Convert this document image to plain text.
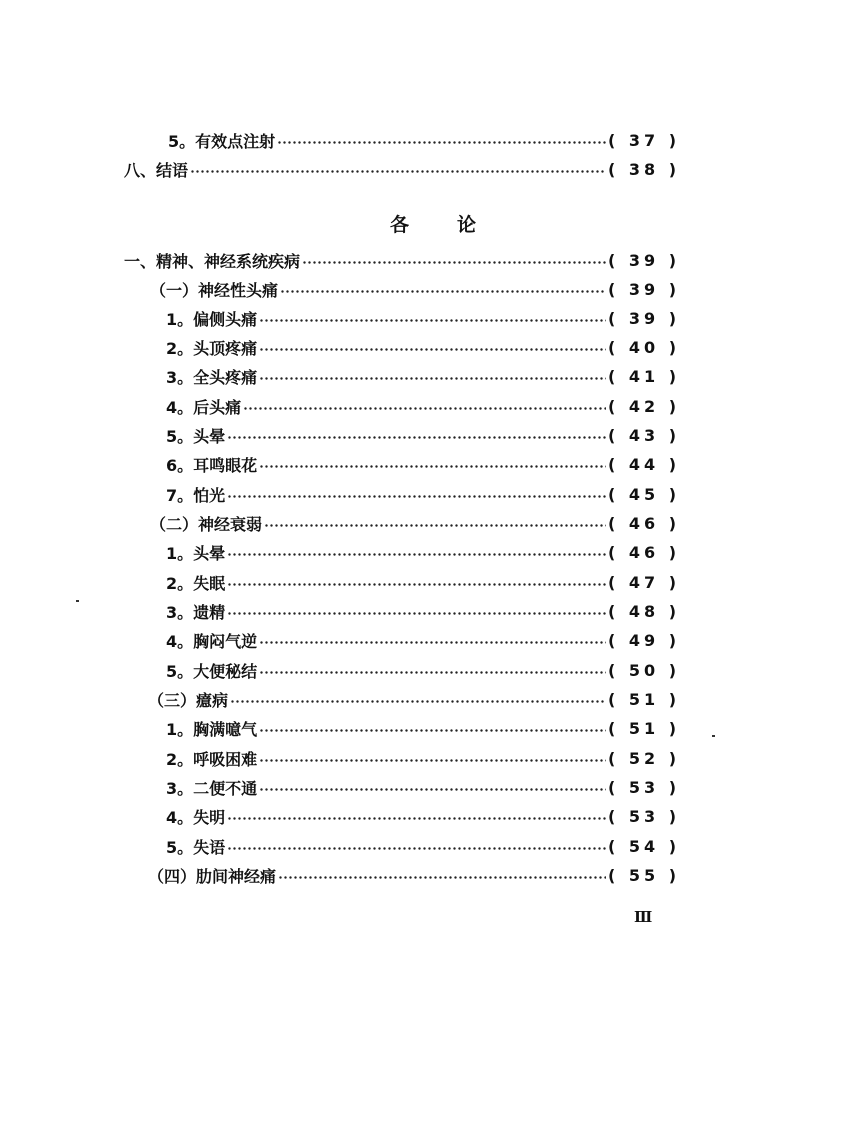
5。有效点注射	( 37 )
八、结语	( 38 )
各论
一、精神、神经系统疾病	( 39 )
（一）神经性头痛	( 39 )
1。偏侧头痛	( 39 )
2。头顶疼痛	( 40 )
3。全头疼痛	( 41 )
4。后头痛	( 42 )
5。头晕	( 43 )
6。耳鸣眼花	( 44 )
7。怕光	( 45 )
（二）神经衰弱	( 46 )
1。头晕	( 46 )
2。失眠	( 47 )
3。遗精	( 48 )
4。胸闷气逆	( 49 )
5。大便秘结	( 50 )
（三）癔病	( 51 )
1。胸满噫气	( 51 )
2。呼吸困难	( 52 )
3。二便不通	( 53 )
4。失明	( 53 )
5。失语	( 54 )
（四）肋间神经痛	( 55 )
Ⅲ
